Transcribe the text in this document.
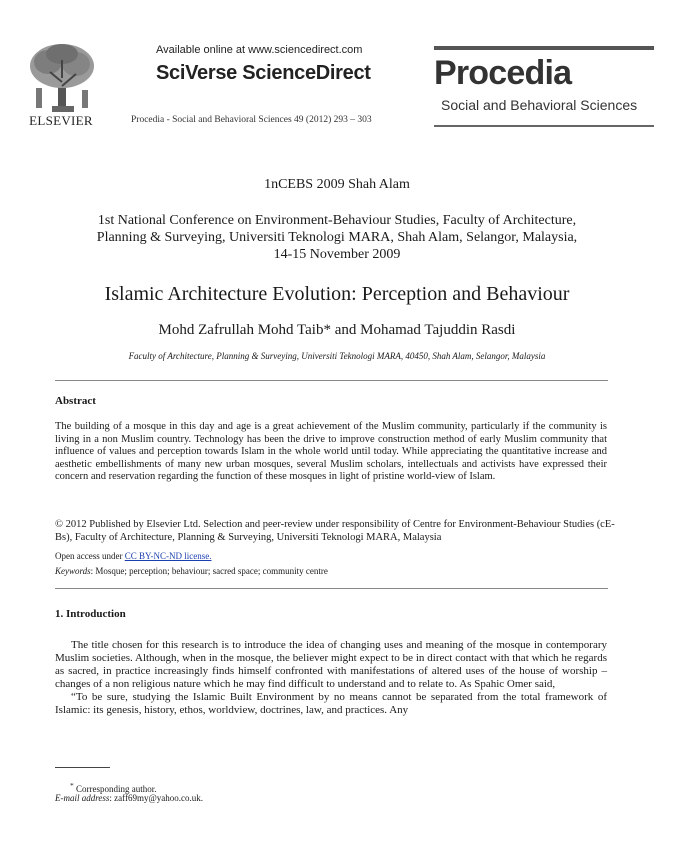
ELSEVIER
Available online at www.sciencedirect.com
SciVerse ScienceDirect
Procedia - Social and Behavioral Sciences 49 (2012) 293 – 303
Procedia
Social and Behavioral Sciences
1nCEBS 2009 Shah Alam
1st National Conference on Environment-Behaviour Studies, Faculty of Architecture,
Planning & Surveying, Universiti Teknologi MARA, Shah Alam, Selangor, Malaysia,
14-15 November 2009
Islamic Architecture Evolution: Perception and Behaviour
Mohd Zafrullah Mohd Taib* and Mohamad Tajuddin Rasdi
Faculty of Architecture, Planning & Surveying, Universiti Teknologi MARA, 40450, Shah Alam, Selangor, Malaysia
Abstract
The building of a mosque in this day and age is a great achievement of the Muslim community, particularly if the community is living in a non Muslim country. Technology has been the drive to improve construction method of early Muslim community that influence of values and perception towards Islam in the whole world until today. While appreciating the quantitative increase and aesthetic embellishments of many new urban mosques, several Muslim scholars, intellectuals and activists have expressed their concern and reservation regarding the function of these mosques in light of pristine world-view of Islam.
© 2012 Published by Elsevier Ltd. Selection and peer-review under responsibility of Centre for Environment-Behaviour Studies (cE-Bs), Faculty of Architecture, Planning & Surveying, Universiti Teknologi MARA, Malaysia
Open access under CC BY-NC-ND license.
Keywords: Mosque; perception; behaviour; sacred space; community centre
1. Introduction
The title chosen for this research is to introduce the idea of changing uses and meaning of the mosque in contemporary Muslim societies. Although, when in the mosque, the believer might expect to be in direct contact with that which he regards as sacred, in practice increasingly finds himself confronted with manifestations of altered uses of the house of worship – changes of a non religious nature which he may find difficult to understand and to relate to. As Spahic Omer said,
“To be sure, studying the Islamic Built Environment by no means cannot be separated from the total framework of Islamic: its genesis, history, ethos, worldview, doctrines, law, and practices. Any
* Corresponding author.
E-mail address: zaff69my@yahoo.co.uk.
